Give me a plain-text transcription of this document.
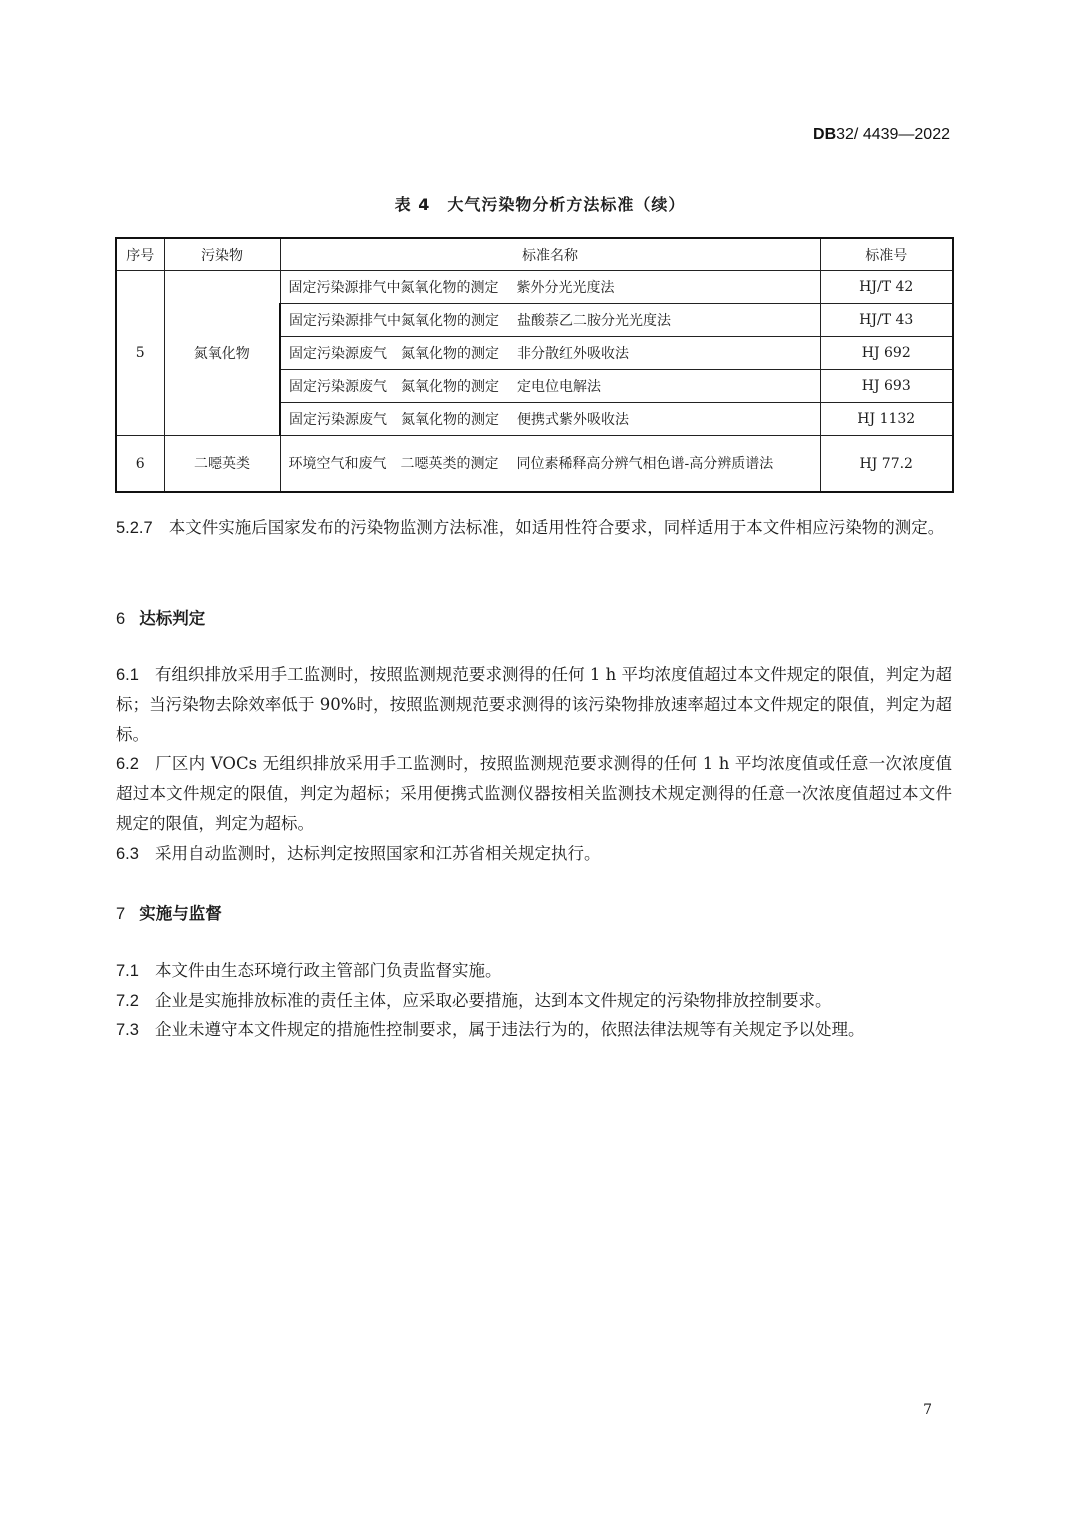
DB32/ 4439—2022
表 4　大气污染物分析方法标准（续）
序号	污染物	标准名称	标准号
5	氮氧化物	固定污染源排气中氮氧化物的测定 紫外分光光度法	HJ/T 42
		固定污染源排气中氮氧化物的测定 盐酸萘乙二胺分光光度法	HJ/T 43
		固定污染源废气　氮氧化物的测定 非分散红外吸收法	HJ 692
		固定污染源废气　氮氧化物的测定 定电位电解法	HJ 693
		固定污染源废气　氮氧化物的测定 便携式紫外吸收法	HJ 1132
6	二噁英类	环境空气和废气　二噁英类的测定 同位素稀释高分辨气相色谱-高分辨质谱法	HJ 77.2
5.2.7 本文件实施后国家发布的污染物监测方法标准，如适用性符合要求，同样适用于本文件相应污染物的测定。
6 达标判定
6.1 有组织排放采用手工监测时，按照监测规范要求测得的任何 1 h 平均浓度值超过本文件规定的限值，判定为超标；当污染物去除效率低于 90%时，按照监测规范要求测得的该污染物排放速率超过本文件规定的限值，判定为超标。
6.2 厂区内 VOCs 无组织排放采用手工监测时，按照监测规范要求测得的任何 1 h 平均浓度值或任意一次浓度值超过本文件规定的限值，判定为超标；采用便携式监测仪器按相关监测技术规定测得的任意一次浓度值超过本文件规定的限值，判定为超标。
6.3 采用自动监测时，达标判定按照国家和江苏省相关规定执行。
7 实施与监督
7.1 本文件由生态环境行政主管部门负责监督实施。
7.2 企业是实施排放标准的责任主体，应采取必要措施，达到本文件规定的污染物排放控制要求。
7.3 企业未遵守本文件规定的措施性控制要求，属于违法行为的，依照法律法规等有关规定予以处理。
7
